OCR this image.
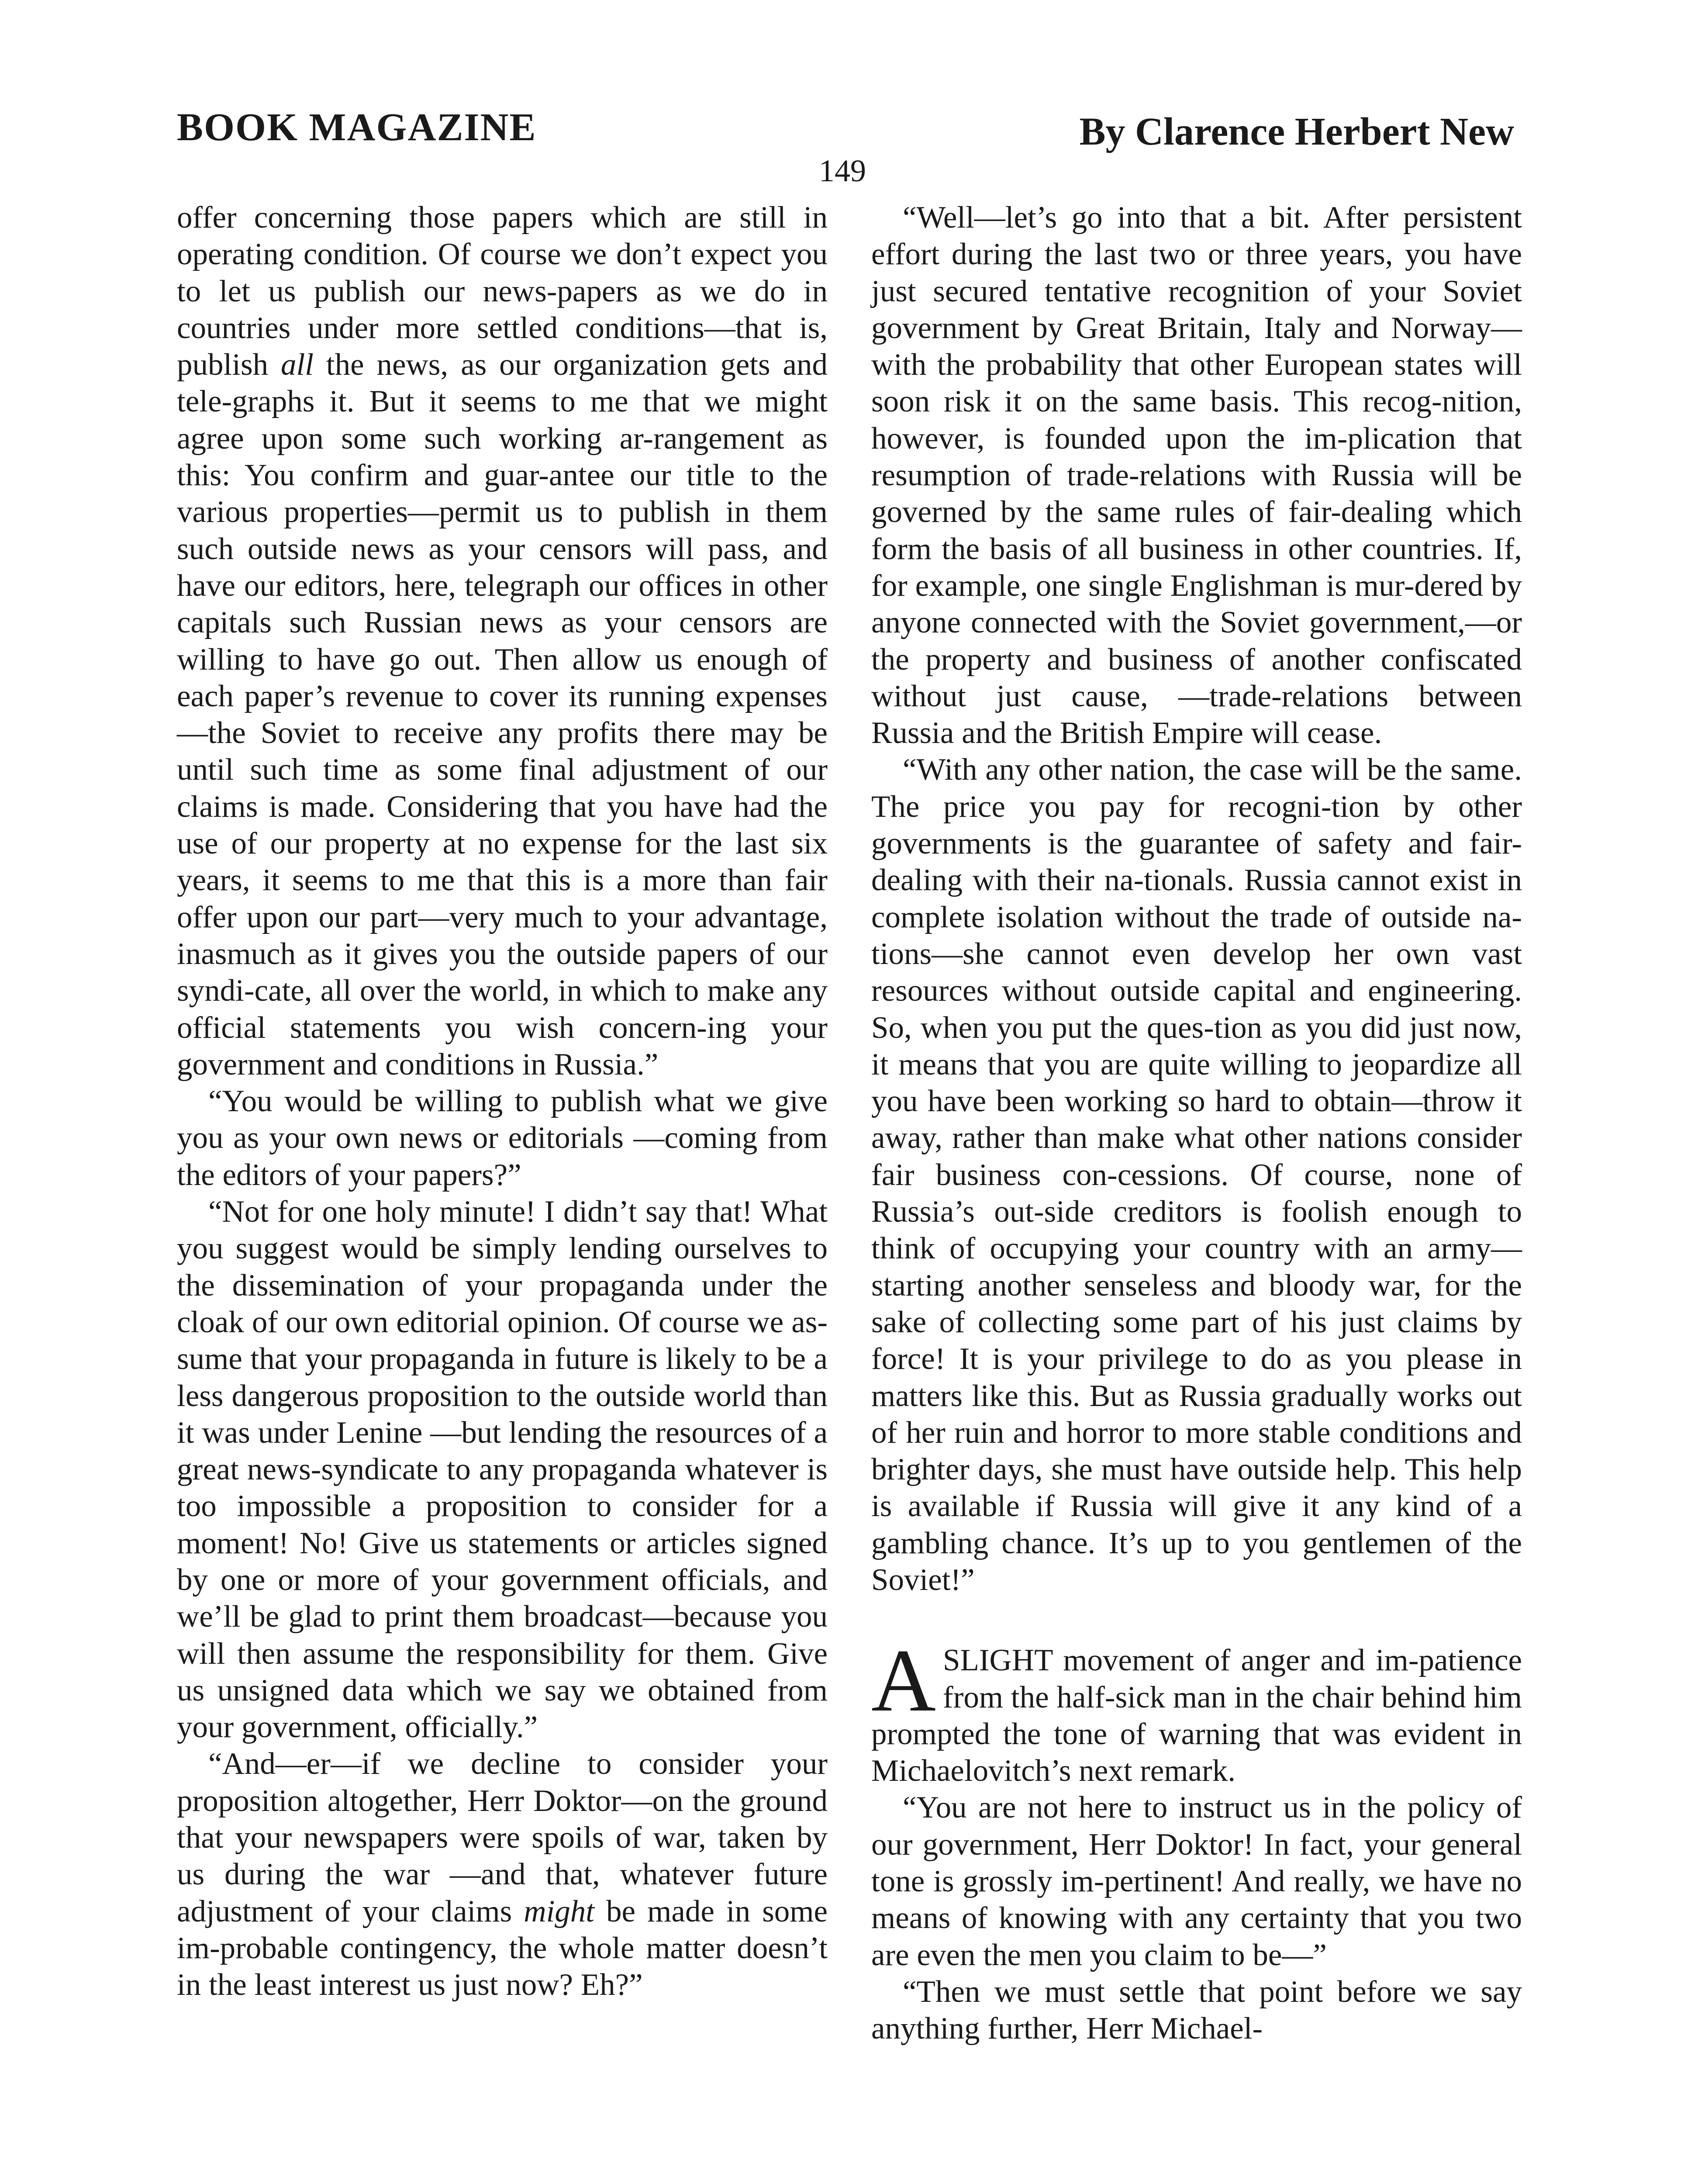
BOOK MAGAZINE	By Clarence Herbert New
149

offer concerning those papers which are still in operating condition. Of course we don’t expect you to let us publish our news-papers as we do in countries under more settled conditions—that is, publish all the news, as our organization gets and tele-graphs it. But it seems to me that we might agree upon some such working ar-rangement as this: You confirm and guar-antee our title to the various properties—permit us to publish in them such outside news as your censors will pass, and have our editors, here, telegraph our offices in other capitals such Russian news as your censors are willing to have go out. Then allow us enough of each paper’s revenue to cover its running expenses—the Soviet to receive any profits there may be until such time as some final adjustment of our claims is made. Considering that you have had the use of our property at no expense for the last six years, it seems to me that this is a more than fair offer upon our part—very much to your advantage, inasmuch as it gives you the outside papers of our syndi-cate, all over the world, in which to make any official statements you wish concern-ing your government and conditions in Russia.”

“You would be willing to publish what we give you as your own news or editorials —coming from the editors of your papers?”

“Not for one holy minute! I didn’t say that! What you suggest would be simply lending ourselves to the dissemination of your propaganda under the cloak of our own editorial opinion. Of course we as-sume that your propaganda in future is likely to be a less dangerous proposition to the outside world than it was under Lenine —but lending the resources of a great news-syndicate to any propaganda whatever is too impossible a proposition to consider for a moment! No! Give us statements or articles signed by one or more of your government officials, and we’ll be glad to print them broadcast—because you will then assume the responsibility for them. Give us unsigned data which we say we obtained from your government, officially.”

“And—er—if we decline to consider your proposition altogether, Herr Doktor—on the ground that your newspapers were spoils of war, taken by us during the war —and that, whatever future adjustment of your claims might be made in some im-probable contingency, the whole matter doesn’t in the least interest us just now? Eh?”

“Well—let’s go into that a bit. After persistent effort during the last two or three years, you have just secured tentative recognition of your Soviet government by Great Britain, Italy and Norway—with the probability that other European states will soon risk it on the same basis. This recog-nition, however, is founded upon the im-plication that resumption of trade-relations with Russia will be governed by the same rules of fair-dealing which form the basis of all business in other countries. If, for example, one single Englishman is mur-dered by anyone connected with the Soviet government,—or the property and business of another confiscated without just cause, —trade-relations between Russia and the British Empire will cease.

“With any other nation, the case will be the same. The price you pay for recogni-tion by other governments is the guarantee of safety and fair-dealing with their na-tionals. Russia cannot exist in complete isolation without the trade of outside na-tions—she cannot even develop her own vast resources without outside capital and engineering. So, when you put the ques-tion as you did just now, it means that you are quite willing to jeopardize all you have been working so hard to obtain—throw it away, rather than make what other nations consider fair business con-cessions. Of course, none of Russia’s out-side creditors is foolish enough to think of occupying your country with an army—starting another senseless and bloody war, for the sake of collecting some part of his just claims by force! It is your privilege to do as you please in matters like this. But as Russia gradually works out of her ruin and horror to more stable conditions and brighter days, she must have outside help. This help is available if Russia will give it any kind of a gambling chance. It’s up to you gentlemen of the Soviet!”

A SLIGHT movement of anger and im-patience from the half-sick man in the chair behind him prompted the tone of warning that was evident in Michaelovitch’s next remark.

“You are not here to instruct us in the policy of our government, Herr Doktor! In fact, your general tone is grossly im-pertinent! And really, we have no means of knowing with any certainty that you two are even the men you claim to be—”

“Then we must settle that point before we say anything further, Herr Michael-
